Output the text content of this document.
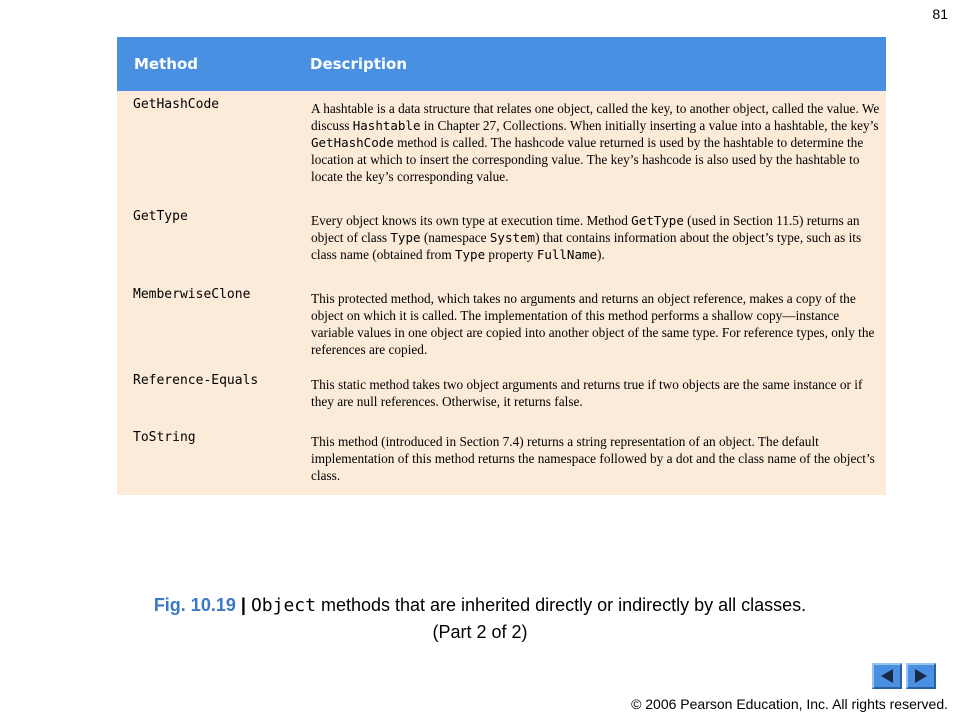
81
Method	Description
GetHashCode	A hashtable is a data structure that relates one object, called the key, to another object, called the value. We discuss Hashtable in Chapter 27, Collections. When initially inserting a value into a hashtable, the key’s GetHashCode method is called. The hashcode value returned is used by the hashtable to determine the location at which to insert the corresponding value. The key’s hashcode is also used by the hashtable to locate the key’s corresponding value.
GetType	Every object knows its own type at execution time. Method GetType (used in Section 11.5) returns an object of class Type (namespace System) that contains information about the object’s type, such as its class name (obtained from Type property FullName).
MemberwiseClone	This protected method, which takes no arguments and returns an object reference, makes a copy of the object on which it is called. The implementation of this method performs a shallow copy—instance variable values in one object are copied into another object of the same type. For reference types, only the references are copied.
Reference-Equals	This static method takes two object arguments and returns true if two objects are the same instance or if they are null references. Otherwise, it returns false.
ToString	This method (introduced in Section 7.4) returns a string representation of an object. The default implementation of this method returns the namespace followed by a dot and the class name of the object’s class.
Fig. 10.19 | Object methods that are inherited directly or indirectly by all classes.
(Part 2 of 2)
© 2006 Pearson Education, Inc. All rights reserved.
